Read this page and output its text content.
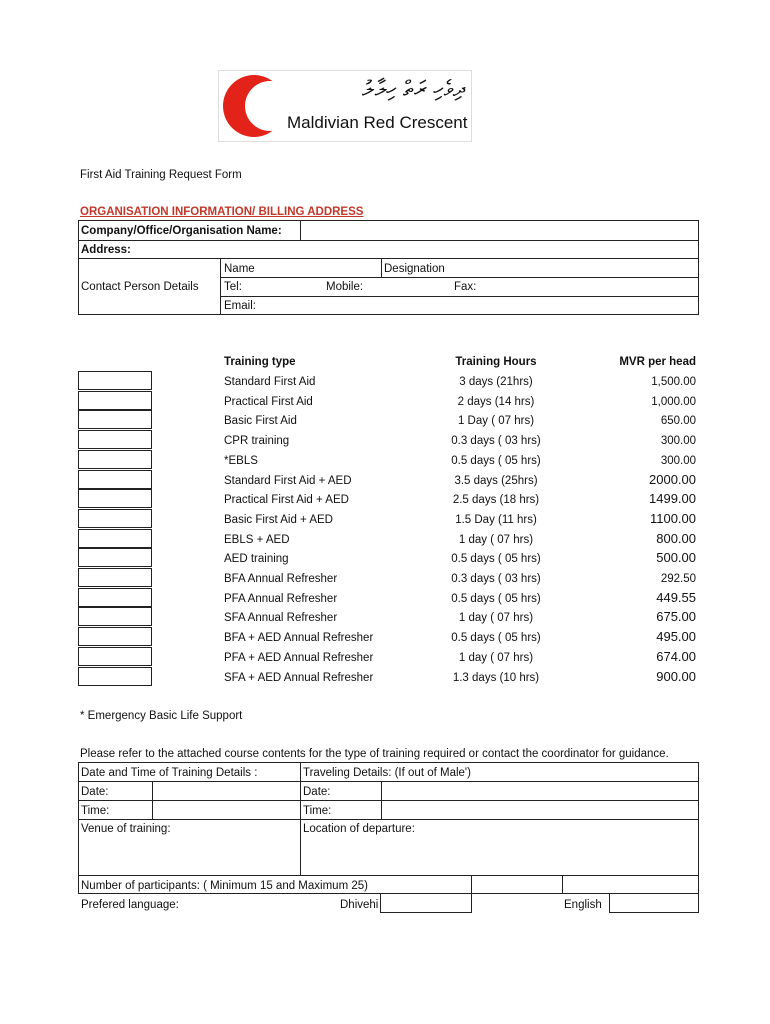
ދިވެހި ރަތް ހިލާލު
Maldivian Red Crescent
First Aid Training Request Form
ORGANISATION INFORMATION/ BILLING ADDRESS
Company/Office/Organisation Name:
Address:
Contact Person Details
Name	Designation
Tel:	Mobile:	Fax:
Email:
Training type	Training Hours	MVR per head
Standard First Aid	3 days (21hrs)	1,500.00
Practical First Aid	2 days (14 hrs)	1,000.00
Basic First Aid	1 Day ( 07 hrs)	650.00
CPR training	0.3 days ( 03 hrs)	300.00
*EBLS	0.5 days ( 05 hrs)	300.00
Standard First Aid + AED	3.5 days (25hrs)	2000.00
Practical First Aid + AED	2.5 days (18 hrs)	1499.00
Basic First Aid + AED	1.5 Day (11 hrs)	1100.00
EBLS + AED	1 day ( 07 hrs)	800.00
AED training	0.5 days ( 05 hrs)	500.00
BFA Annual Refresher	0.3 days ( 03 hrs)	292.50
PFA Annual Refresher	0.5 days ( 05 hrs)	449.55
SFA Annual Refresher	1 day ( 07 hrs)	675.00
BFA + AED Annual Refresher	0.5 days ( 05 hrs)	495.00
PFA + AED Annual Refresher	1 day ( 07 hrs)	674.00
SFA + AED Annual Refresher	1.3 days (10 hrs)	900.00
* Emergency Basic Life Support
Please refer to the attached course contents for the type of training required or contact the coordinator for guidance.
Date and Time of Training Details :	Traveling Details: (If out of Male')
Date:	Date:
Time:	Time:
Venue of training:	Location of departure:
Number of participants: ( Minimum 15 and Maximum 25)
Prefered language:	Dhivehi	English
